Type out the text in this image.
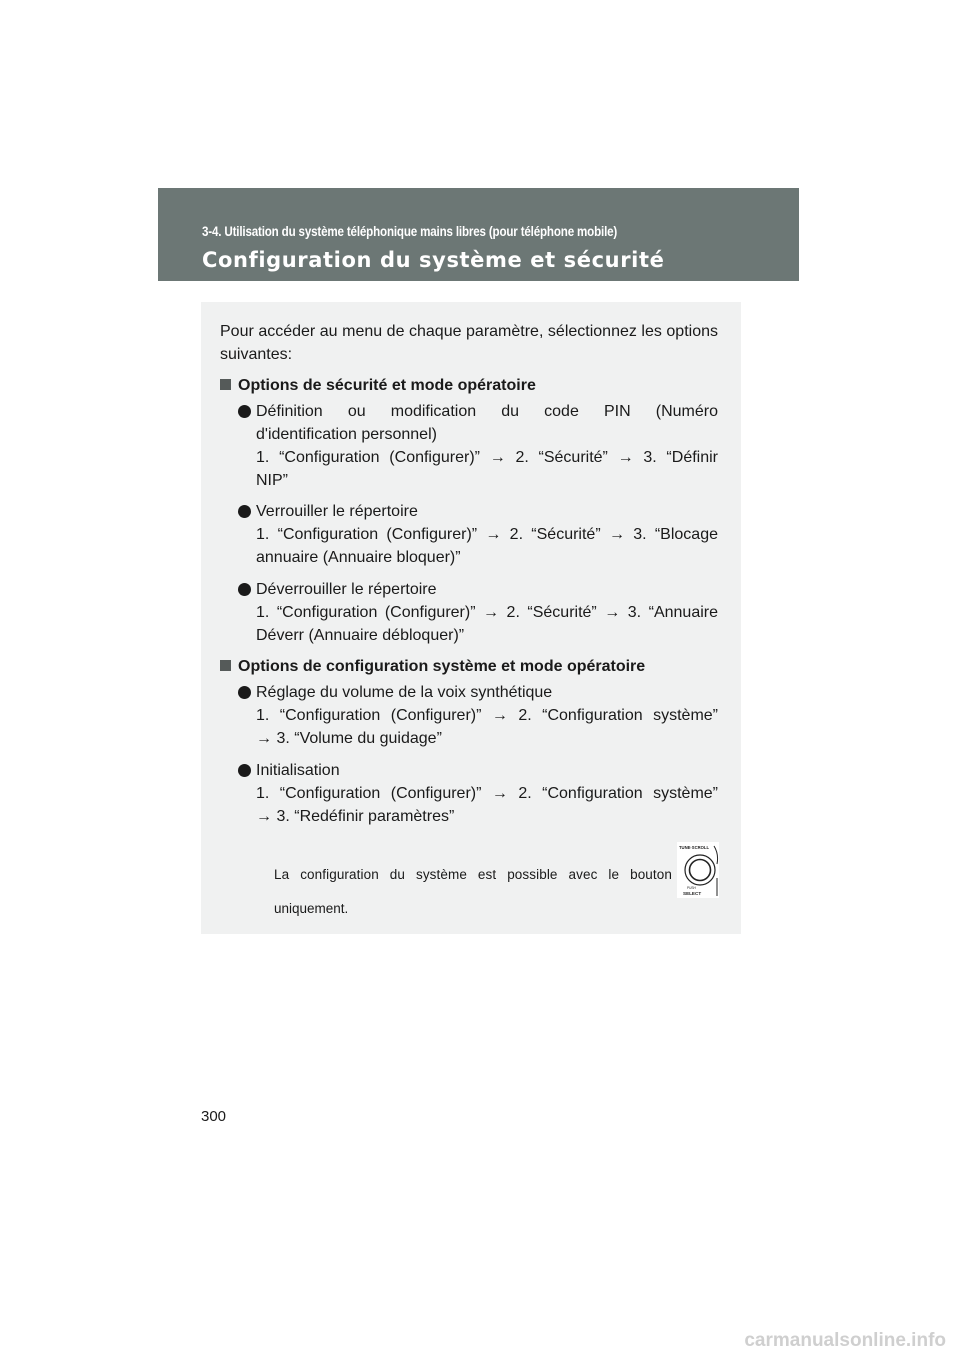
3-4. Utilisation du système téléphonique mains libres (pour téléphone mobile)
Configuration du système et sécurité
Pour accéder au menu de chaque paramètre, sélectionnez les options suivantes:
Options de sécurité et mode opératoire
Définition ou modification du code PIN (Numéro
d'identification personnel)
1. “Configuration (Configurer)” → 2. “Sécurité” → 3. “Définir
NIP”
Verrouiller le répertoire
1. “Configuration (Configurer)” → 2. “Sécurité” → 3. “Blocage
annuaire (Annuaire bloquer)”
Déverrouiller le répertoire
1. “Configuration (Configurer)” → 2. “Sécurité” → 3. “Annuaire
Déverr (Annuaire débloquer)”
Options de configuration système et mode opératoire
Réglage du volume de la voix synthétique
1. “Configuration (Configurer)” → 2. “Configuration système”
→ 3. “Volume du guidage”
Initialisation
1. “Configuration (Configurer)” → 2. “Configuration système”
→ 3. “Redéfinir paramètres”
La configuration du système est possible avec le bouton
uniquement.
TUNE·SCROLL
PUSH
SELECT
300
carmanualsonline.info
